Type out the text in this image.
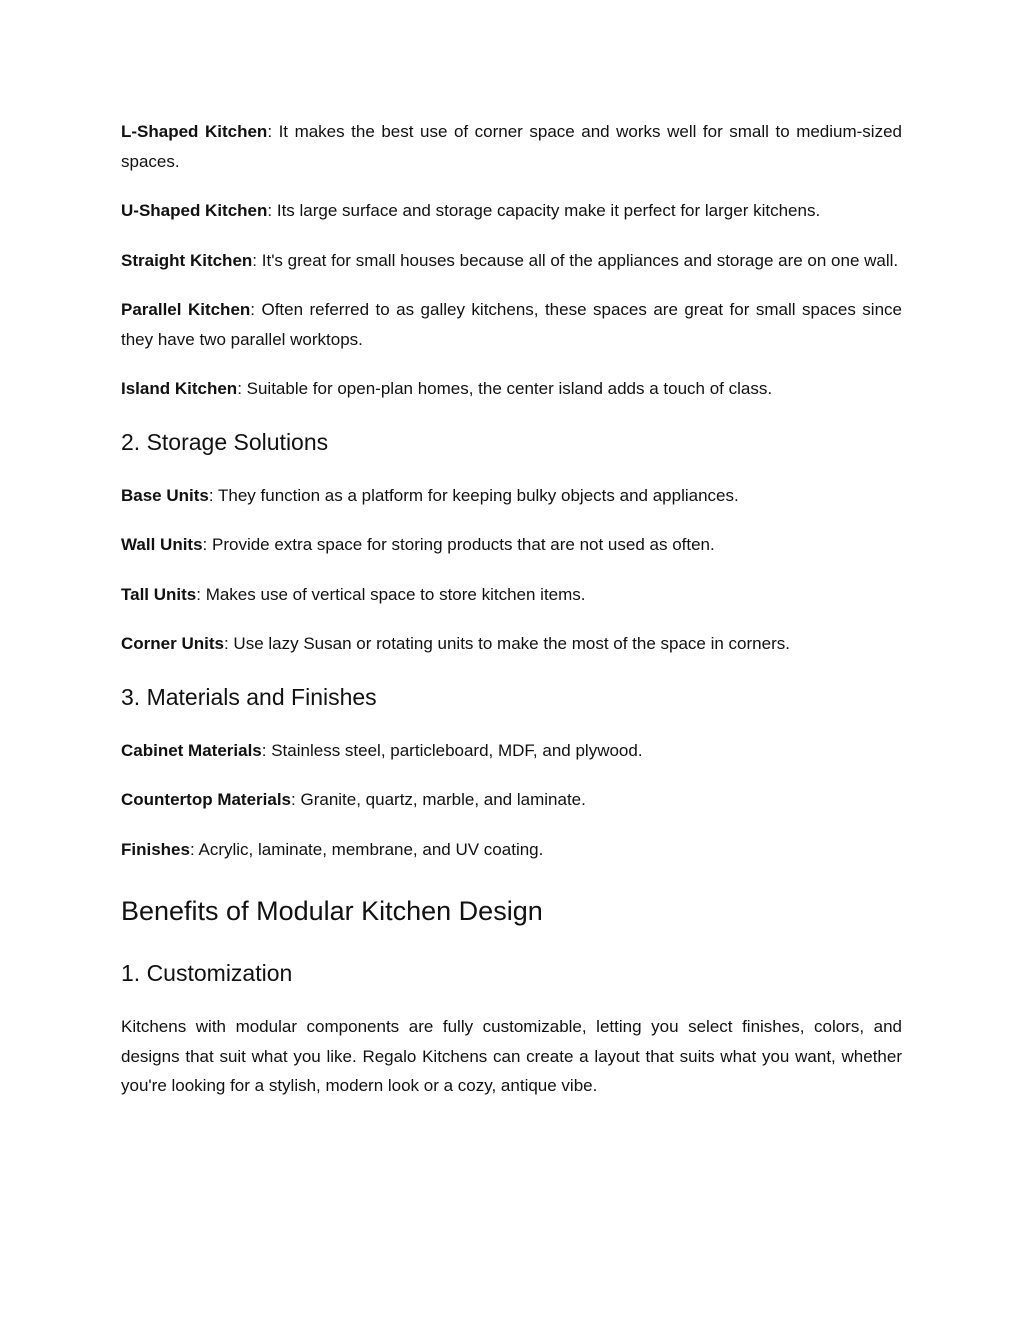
L-Shaped Kitchen: It makes the best use of corner space and works well for small to medium-sized spaces.

U-Shaped Kitchen: Its large surface and storage capacity make it perfect for larger kitchens.

Straight Kitchen: It's great for small houses because all of the appliances and storage are on one wall.

Parallel Kitchen: Often referred to as galley kitchens, these spaces are great for small spaces since they have two parallel worktops.

Island Kitchen: Suitable for open-plan homes, the center island adds a touch of class.

2. Storage Solutions

Base Units: They function as a platform for keeping bulky objects and appliances.

Wall Units: Provide extra space for storing products that are not used as often.

Tall Units: Makes use of vertical space to store kitchen items.

Corner Units: Use lazy Susan or rotating units to make the most of the space in corners.

3. Materials and Finishes

Cabinet Materials: Stainless steel, particleboard, MDF, and plywood.

Countertop Materials: Granite, quartz, marble, and laminate.

Finishes: Acrylic, laminate, membrane, and UV coating.

Benefits of Modular Kitchen Design
1. Customization

Kitchens with modular components are fully customizable, letting you select finishes, colors, and designs that suit what you like. Regalo Kitchens can create a layout that suits what you want, whether you're looking for a stylish, modern look or a cozy, antique vibe.
